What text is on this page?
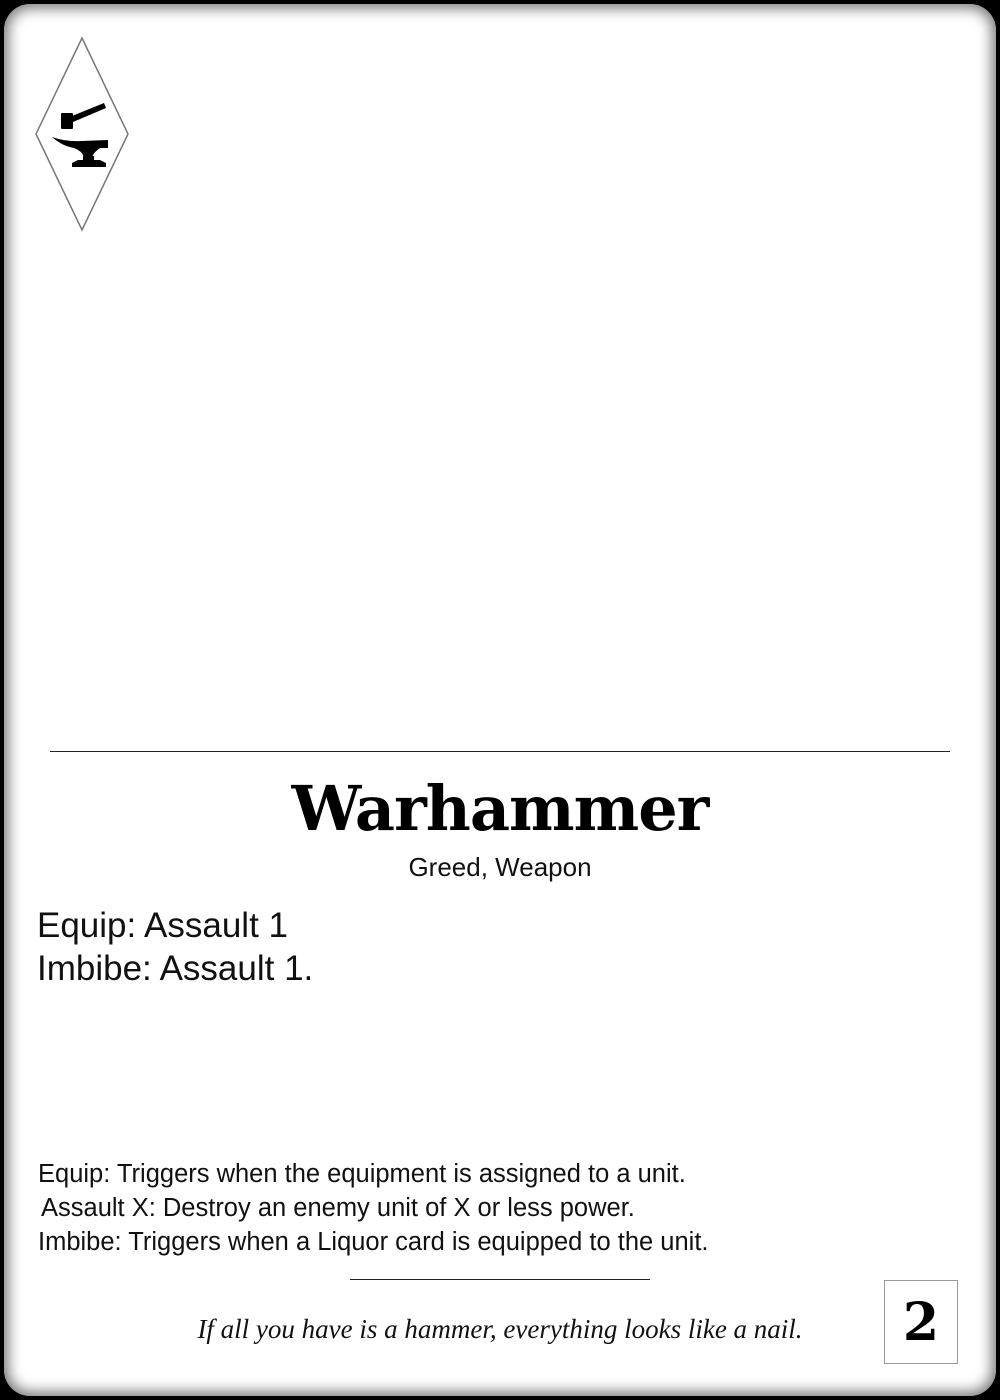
Warhammer
Greed, Weapon
Equip: Assault 1
Imbibe: Assault 1.
Equip: Triggers when the equipment is assigned to a unit.
Assault X: Destroy an enemy unit of X or less power.
Imbibe: Triggers when a Liquor card is equipped to the unit.
If all you have is a hammer, everything looks like a nail.	2
